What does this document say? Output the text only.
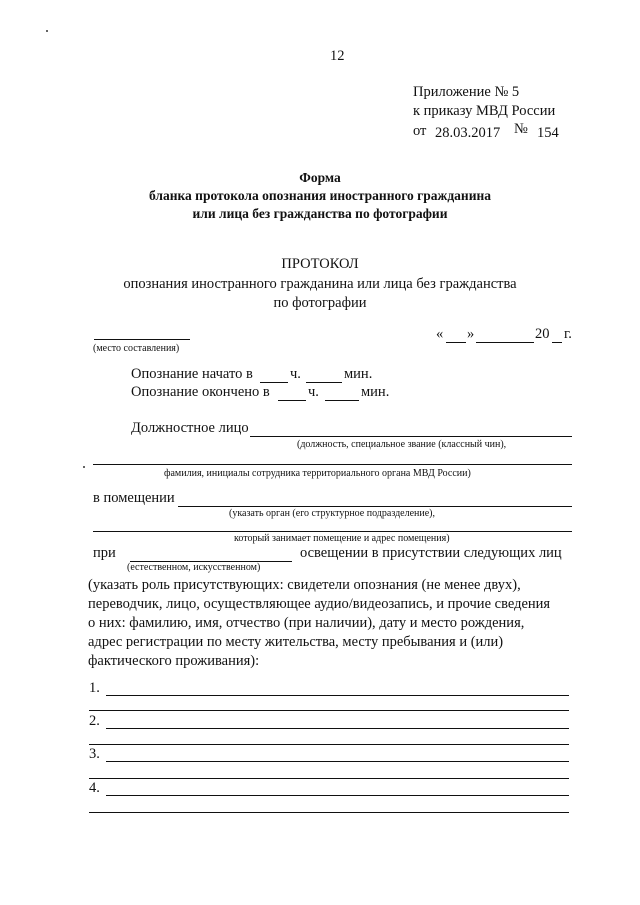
12
Приложение № 5
к приказу МВД России
от 28.03.2017 № 154
Форма
бланка протокола опознания иностранного гражданина
или лица без гражданства по фотографии
ПРОТОКОЛ
опознания иностранного гражданина или лица без гражданства
по фотографии
(место составления)
« »	20 г.
Опознание начато в	ч.	мин.
Опознание окончено в	ч.	мин.
Должностное лицо
(должность, специальное звание (классный чин),
фамилия, инициалы сотрудника территориального органа МВД России)
в помещении
(указать орган (его структурное подразделение),
который занимает помещение и адрес помещения)
при	освещении в присутствии следующих лиц
(естественном, искусственном)
(указать роль присутствующих: свидетели опознания (не менее двух),
переводчик, лицо, осуществляющее аудио/видеозапись, и прочие сведения
о них: фамилию, имя, отчество (при наличии), дату и место рождения,
адрес регистрации по месту жительства, месту пребывания и (или)
фактического проживания):
1.
2.
3.
4.
